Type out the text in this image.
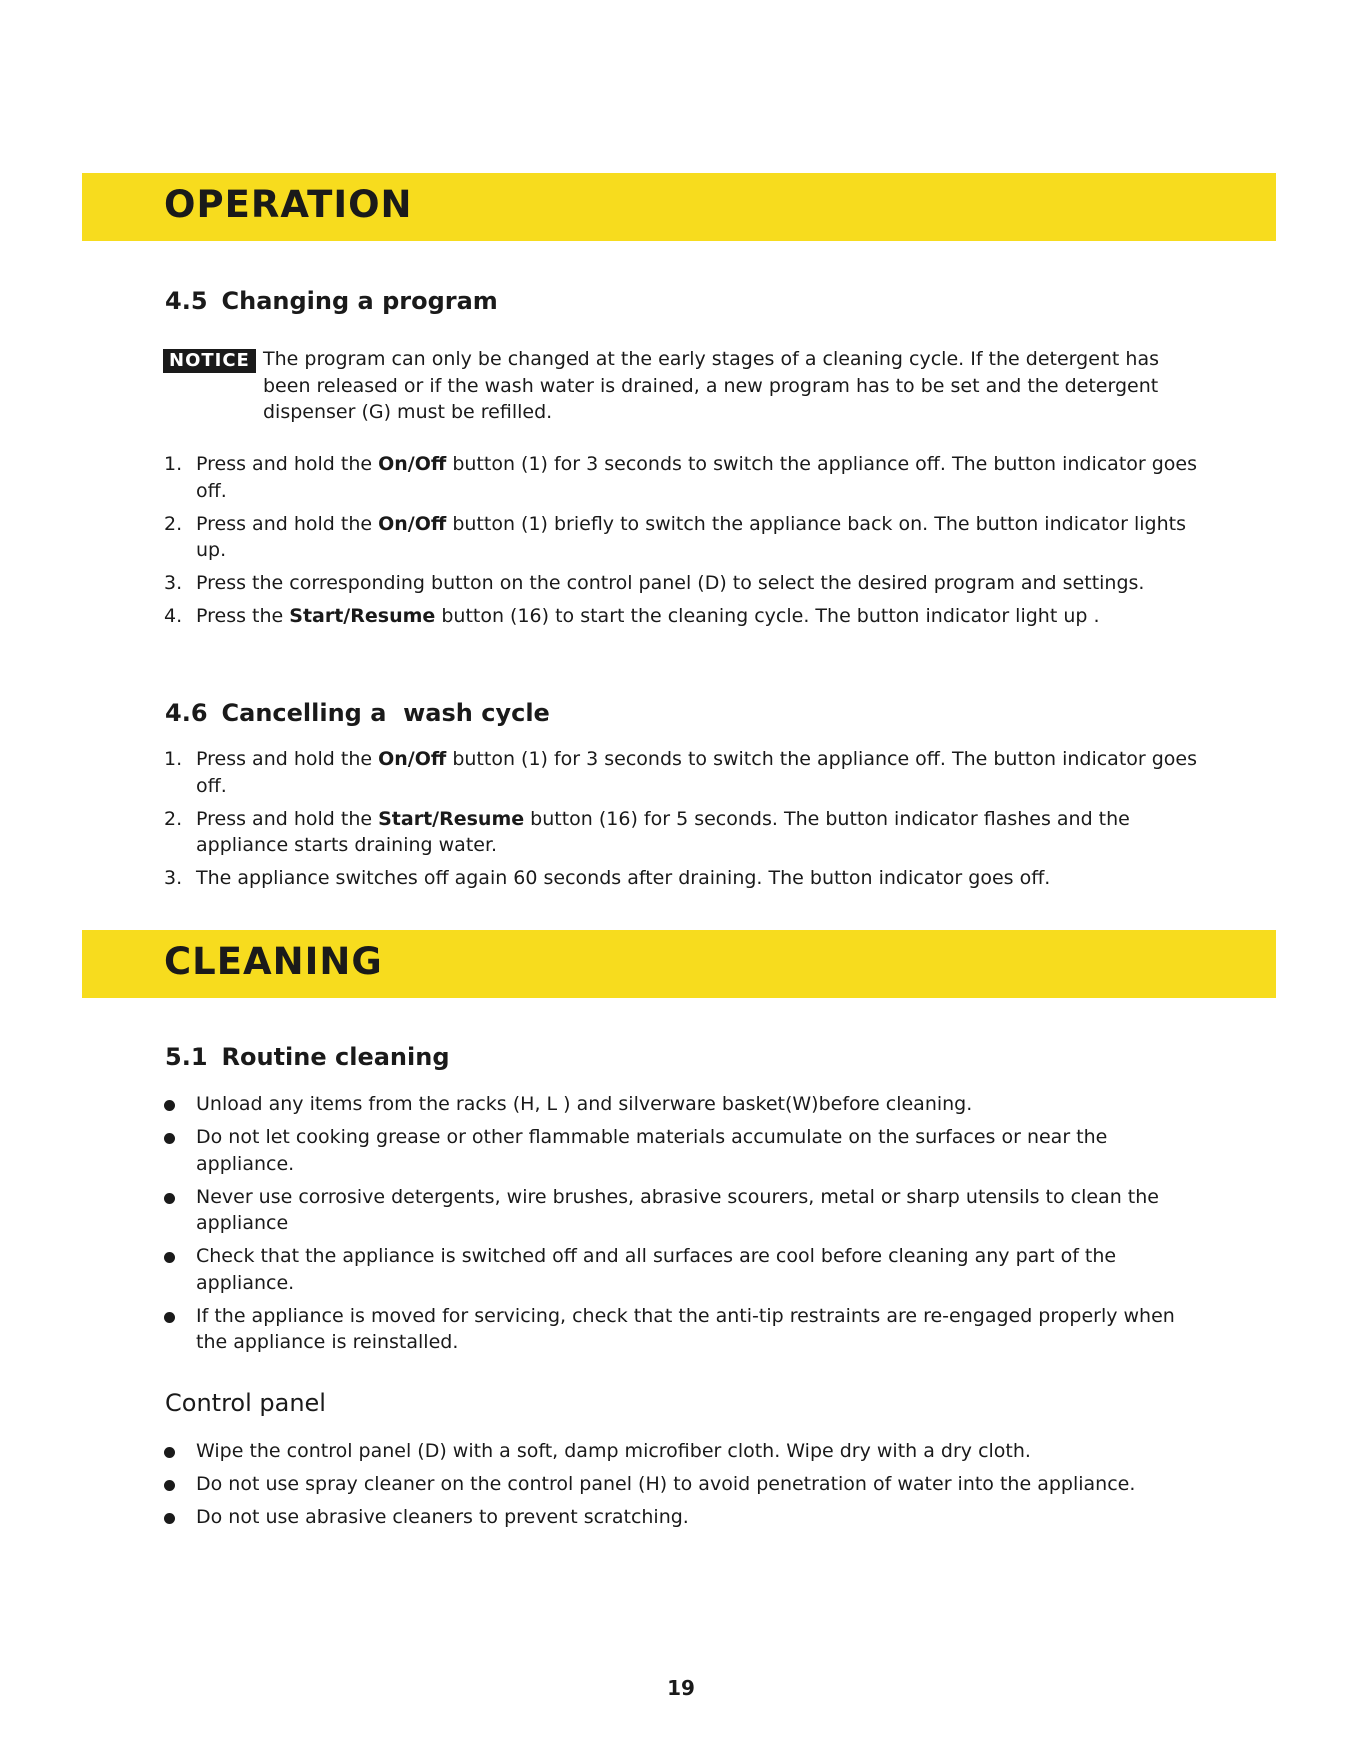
OPERATION
4.5 Changing a program
NOTICE The program can only be changed at the early stages of a cleaning cycle. If the detergent has been released or if the wash water is drained, a new program has to be set and the detergent dispenser (G) must be refilled.

1. Press and hold the On/Off button (1) for 3 seconds to switch the appliance off. The button indicator goes off.
2. Press and hold the On/Off button (1) briefly to switch the appliance back on. The button indicator lights up.
3. Press the corresponding button on the control panel (D) to select the desired program and settings.
4. Press the Start/Resume button (16) to start the cleaning cycle. The button indicator light up .
4.6 Cancelling a  wash cycle
1. Press and hold the On/Off button (1) for 3 seconds to switch the appliance off. The button indicator goes off.
2. Press and hold the Start/Resume button (16) for 5 seconds. The button indicator flashes and the appliance starts draining water.
3. The appliance switches off again 60 seconds after draining. The button indicator goes off.
CLEANING
5.1 Routine cleaning
Unload any items from the racks (H, L ) and silverware basket(W)before cleaning.
Do not let cooking grease or other flammable materials accumulate on the surfaces or near the appliance.
Never use corrosive detergents, wire brushes, abrasive scourers, metal or sharp utensils to clean the appliance
Check that the appliance is switched off and all surfaces are cool before cleaning any part of the appliance.
If the appliance is moved for servicing, check that the anti-tip restraints are re-engaged properly when the appliance is reinstalled.
Control panel
Wipe the control panel (D) with a soft, damp microfiber cloth. Wipe dry with a dry cloth.
Do not use spray cleaner on the control panel (H) to avoid penetration of water into the appliance.
Do not use abrasive cleaners to prevent scratching.
19
